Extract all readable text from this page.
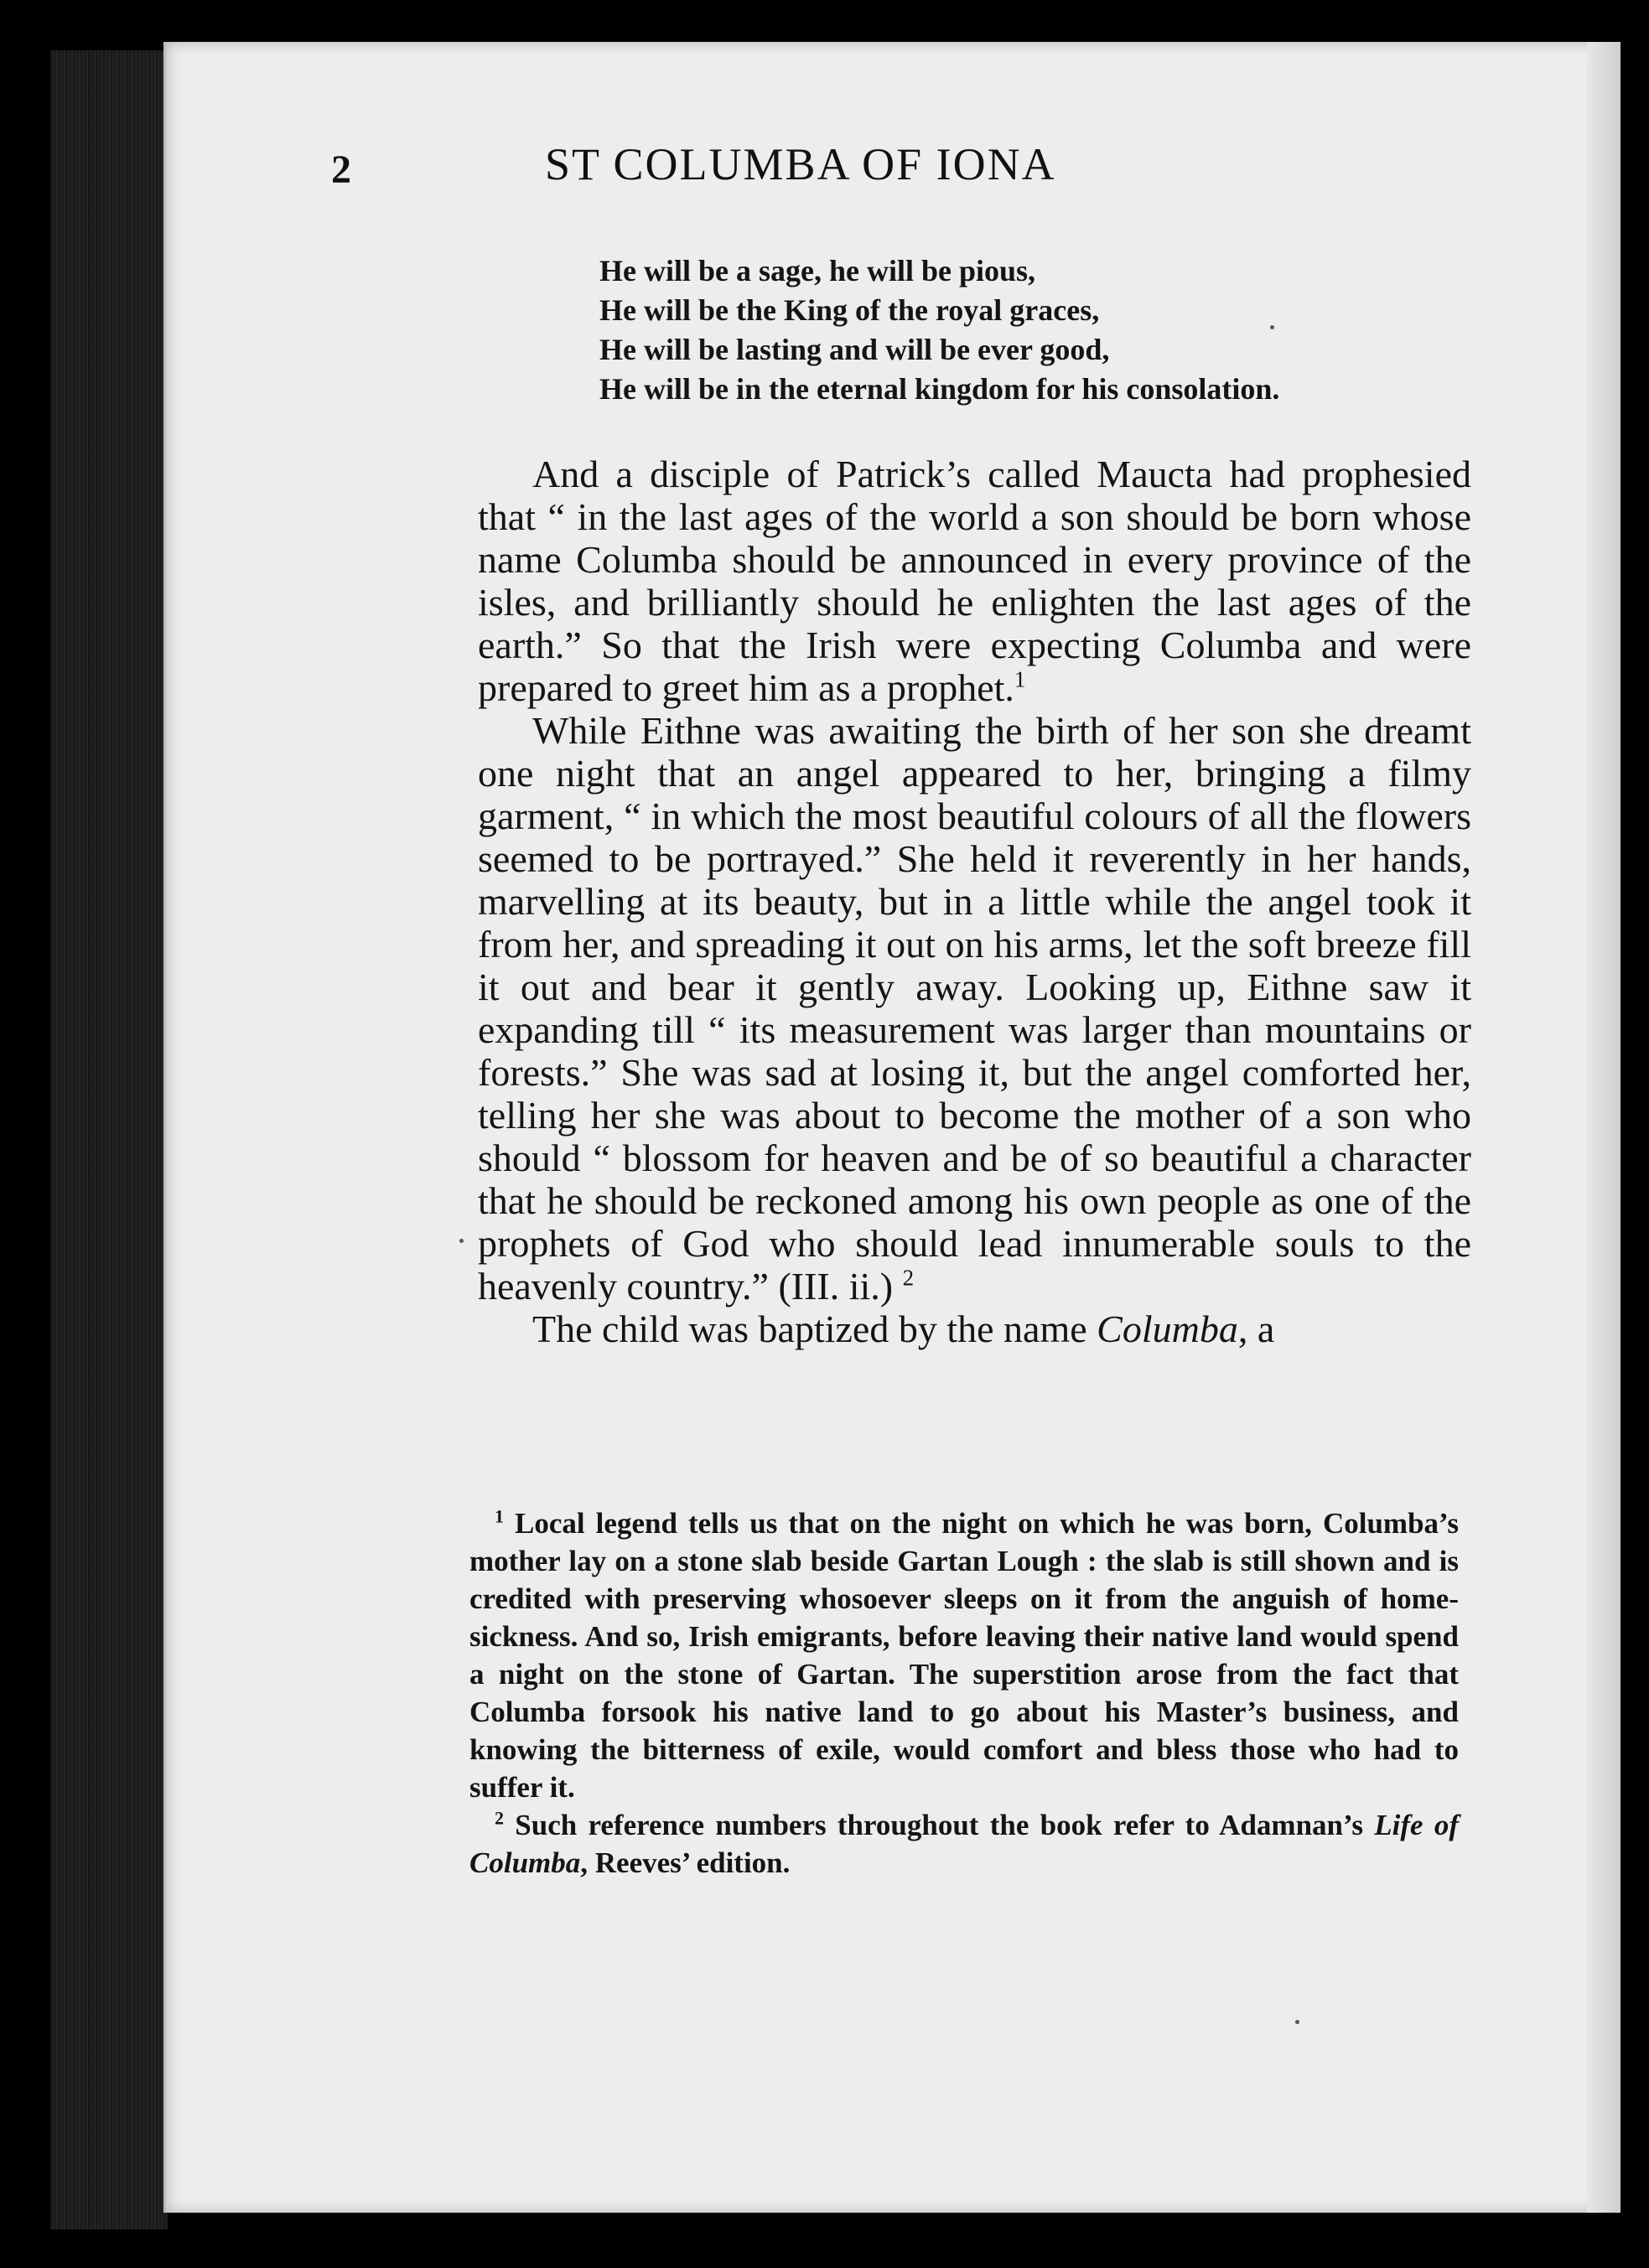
2	ST COLUMBA OF IONA
He will be a sage, he will be pious,
He will be the King of the royal graces,
He will be lasting and will be ever good,
He will be in the eternal kingdom for his consolation.

And a disciple of Patrick’s called Maucta had prophesied that “ in the last ages of the world a son should be born whose name Columba should be announced in every province of the isles, and brilliantly should he enlighten the last ages of the earth.” So that the Irish were expecting Columba and were prepared to greet him as a prophet.$^1$

While Eithne was awaiting the birth of her son she dreamt one night that an angel appeared to her, bringing a filmy garment, “ in which the most beautiful colours of all the flowers seemed to be portrayed.” She held it reverently in her hands, marvelling at its beauty, but in a little while the angel took it from her, and spreading it out on his arms, let the soft breeze fill it out and bear it gently away. Looking up, Eithne saw it expanding till “ its measurement was larger than mountains or forests.” She was sad at losing it, but the angel comforted her, telling her she was about to become the mother of a son who should “ blossom for heaven and be of so beautiful a character that he should be reckoned among his own people as one of the prophets of God who should lead innumerable souls to the heavenly country.” (III. ii.) $^2$

The child was baptized by the name Columba, a

$^1$ Local legend tells us that on the night on which he was born, Columba’s mother lay on a stone slab beside Gartan Lough : the slab is still shown and is credited with preserving whosoever sleeps on it from the anguish of home-sickness. And so, Irish emigrants, before leaving their native land would spend a night on the stone of Gartan. The superstition arose from the fact that Columba forsook his native land to go about his Master’s business, and knowing the bitterness of exile, would comfort and bless those who had to suffer it.

$^2$ Such reference numbers throughout the book refer to Adamnan’s Life of Columba, Reeves’ edition.
